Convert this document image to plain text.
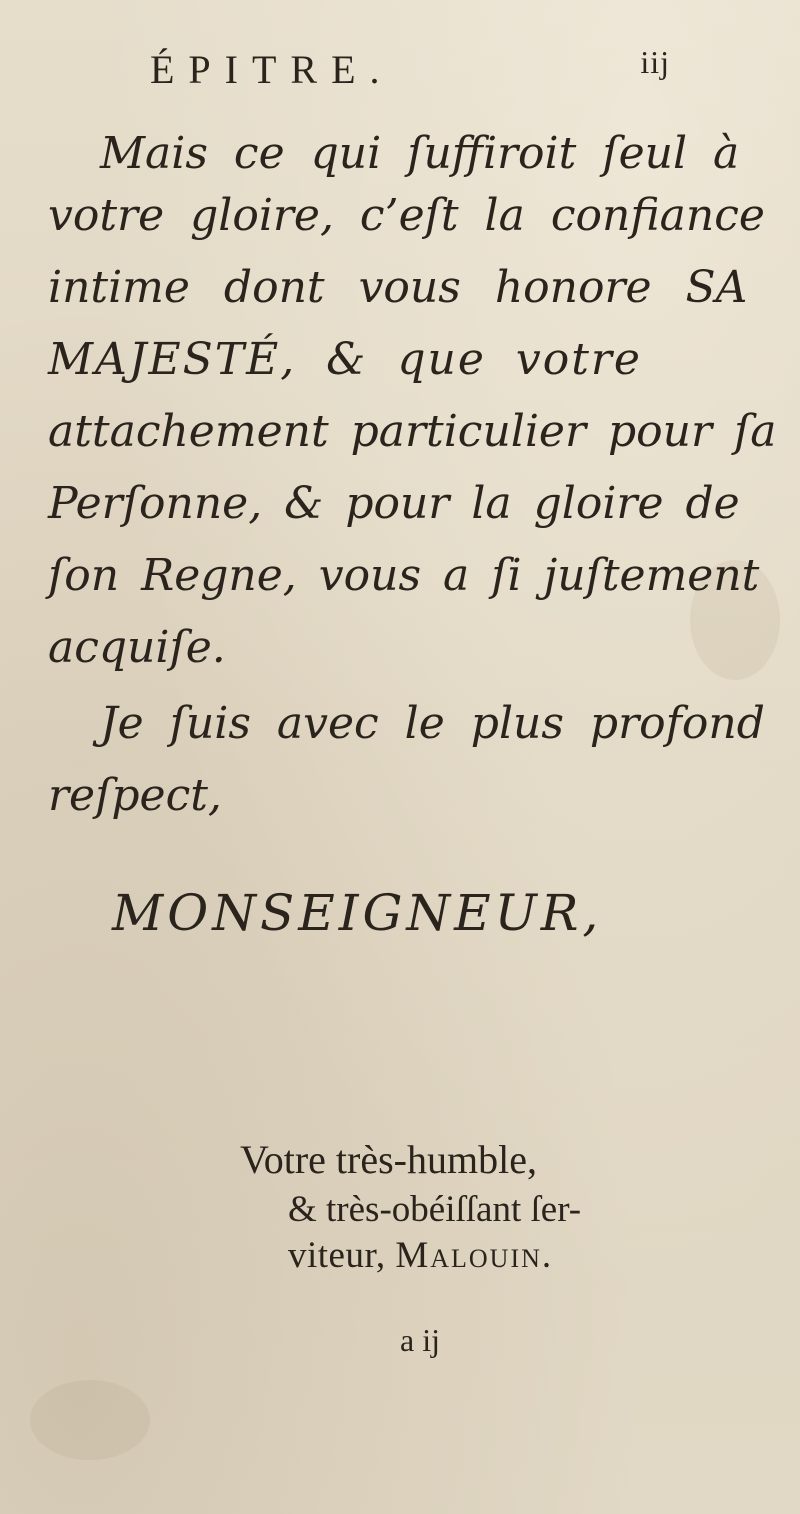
ÉPITRE.	iij
Mais ce qui ſuffiroit ſeul à
votre gloire, c’eſt la confiance
intime dont vous honore SA
MAJESTÉ, & que votre
attachement particulier pour ſa
Perſonne, & pour la gloire de
ſon Regne, vous a ſi juſtement
acquiſe.
Je ſuis avec le plus profond
reſpect,
MONSEIGNEUR,
Votre très-humble,
& très-obéiſſant ſer-
viteur, Malouin.
a ij
